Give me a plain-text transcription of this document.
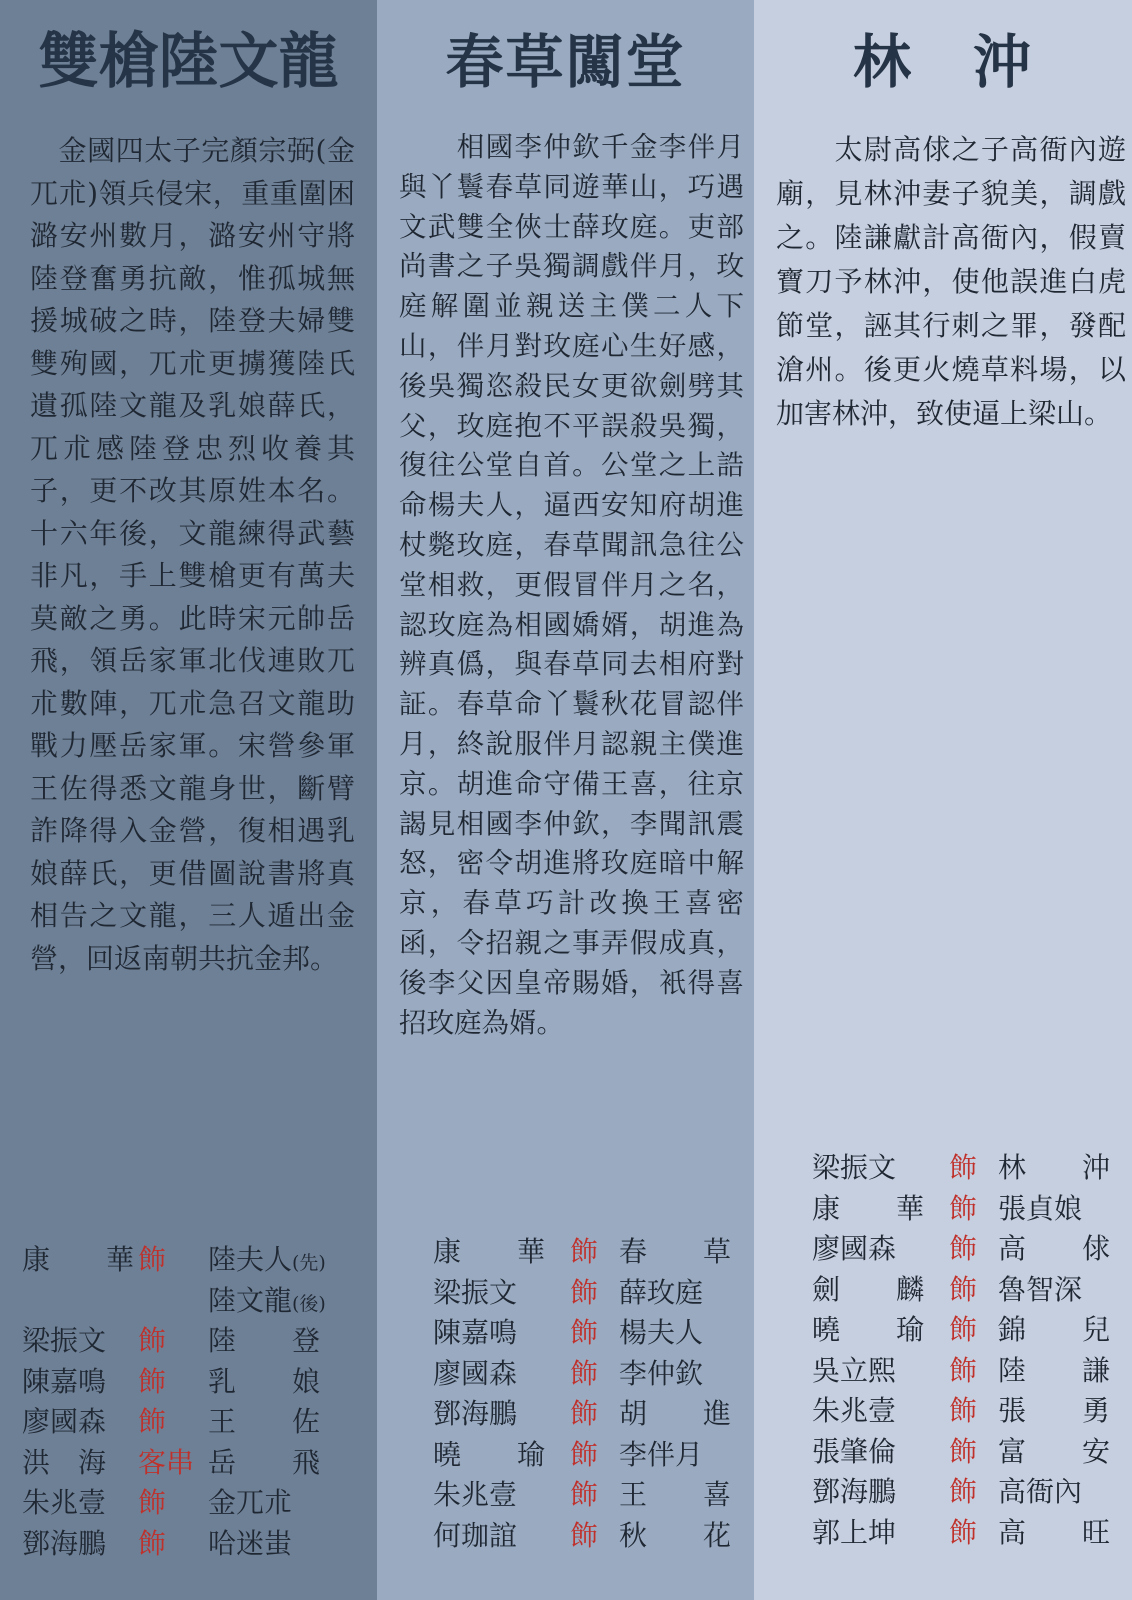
雙槍陸文龍
　金國四太子完顏宗弼(金兀朮)領兵侵宋，重重圍困潞安州數月，潞安州守將陸登奮勇抗敵，惟孤城無援城破之時，陸登夫婦雙雙殉國，兀朮更擄獲陸氏遺孤陸文龍及乳娘薛氏，兀朮感陸登忠烈收養其子，更不改其原姓本名。十六年後，文龍練得武藝非凡，手上雙槍更有萬夫莫敵之勇。此時宋元帥岳飛，領岳家軍北伐連敗兀朮數陣，兀朮急召文龍助戰力壓岳家軍。宋營參軍王佐得悉文龍身世，斷臂詐降得入金營，復相遇乳娘薛氏，更借圖說書將真相告之文龍，三人遁出金營，回返南朝共抗金邦。
康　　華 飾	陸夫人(先)
陸文龍(後)
梁振文	飾	陸　　登
陳嘉鳴	飾	乳　　娘
廖國森	飾	王　　佐
洪　海	客串 岳　　飛
朱兆壹	飾	金兀朮
鄧海鵬	飾	哈迷蚩
春草闖堂
　　相國李仲欽千金李伴月與丫鬟春草同遊華山，巧遇文武雙全俠士薛玫庭。吏部尚書之子吳獨調戲伴月，玫庭解圍並親送主僕二人下山，伴月對玫庭心生好感，後吳獨恣殺民女更欲劍劈其父，玫庭抱不平誤殺吳獨，復往公堂自首。公堂之上誥命楊夫人，逼西安知府胡進杖斃玫庭，春草聞訊急往公堂相救，更假冒伴月之名，認玫庭為相國嬌婿，胡進為辨真僞，與春草同去相府對証。春草命丫鬟秋花冒認伴月，終說服伴月認親主僕進京。胡進命守備王喜，往京謁見相國李仲欽，李聞訊震怒，密令胡進將玫庭暗中解京，春草巧計改換王喜密函，令招親之事弄假成真，後李父因皇帝賜婚，衹得喜招玫庭為婿。
康　　華 飾 春　　草
梁振文	飾 薛玫庭
陳嘉鳴	飾 楊夫人
廖國森	飾 李仲欽
鄧海鵬	飾 胡　　進
曉　　瑜 飾 李伴月
朱兆壹	飾 王　　喜
何珈誼	飾 秋　　花
林　沖
　　太尉高俅之子高衙內遊廟，見林沖妻子貌美，調戲之。陸謙獻計高衙內，假賣寶刀予林沖，使他誤進白虎節堂，誣其行刺之罪，發配滄州。後更火燒草料場，以加害林沖，致使逼上梁山。
梁振文	飾 林　　沖
康　　華 飾 張貞娘
廖國森	飾 高　　俅
劍　　麟 飾 魯智深
曉　　瑜 飾 錦　　兒
吳立熙	飾 陸　　謙
朱兆壹	飾 張　　勇
張肇倫	飾 富　　安
鄧海鵬	飾 高衙內
郭上坤	飾 高　　旺
